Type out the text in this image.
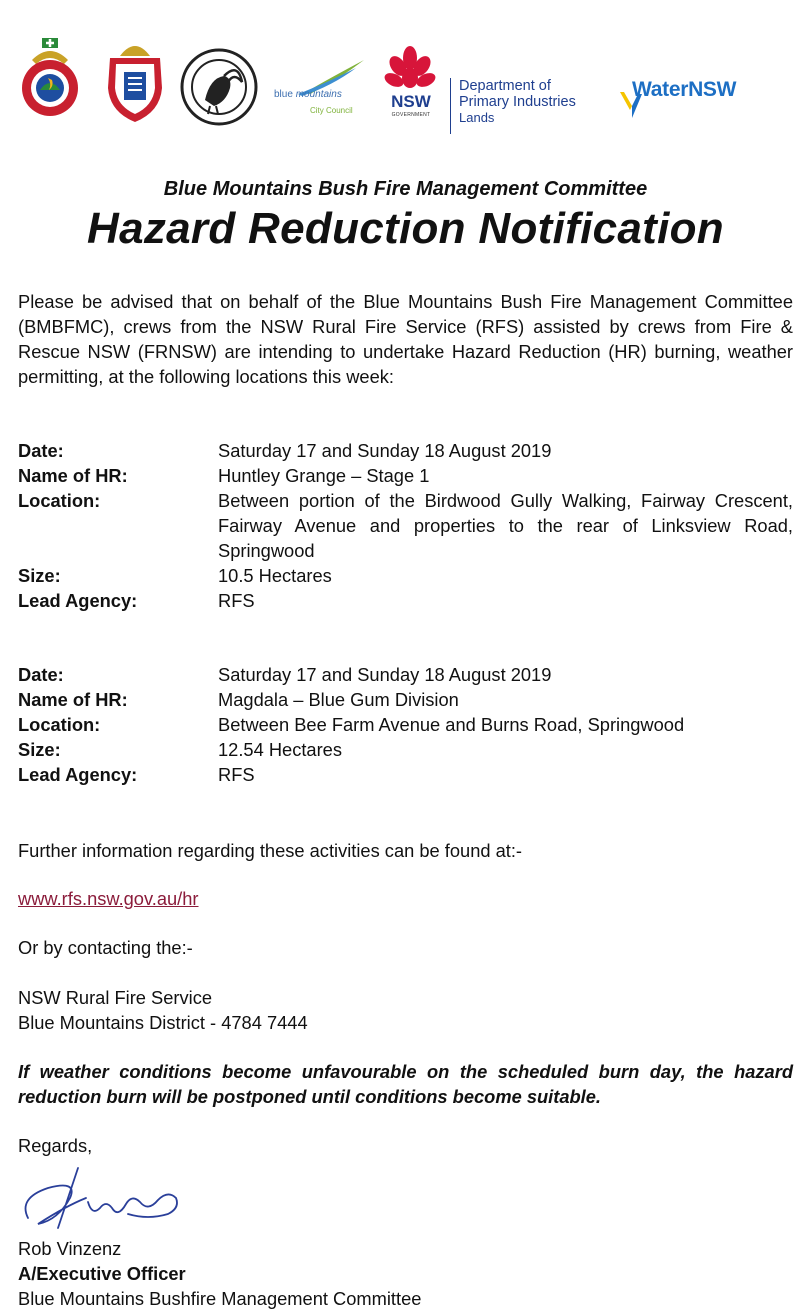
blue mountains
City Council	NSW
GOVERNMENT
Department of
Primary Industries
Lands
WaterNSW
Blue Mountains Bush Fire Management Committee
Hazard Reduction Notification
Please be advised that on behalf of the Blue Mountains Bush Fire Management Committee (BMBFMC), crews from the NSW Rural Fire Service (RFS) assisted by crews from Fire & Rescue NSW (FRNSW) are intending to undertake Hazard Reduction (HR) burning, weather permitting, at the following locations this week:
Date:	Saturday 17 and Sunday 18 August 2019
Name of HR:	Huntley Grange – Stage 1
Location:	Between portion of the Birdwood Gully Walking, Fairway Crescent, Fairway Avenue and properties to the rear of Linksview Road, Springwood
Size:	10.5 Hectares
Lead Agency:	RFS
Date:	Saturday 17 and Sunday 18 August 2019
Name of HR:	Magdala – Blue Gum Division
Location:	Between Bee Farm Avenue and Burns Road, Springwood
Size:	12.54 Hectares
Lead Agency:	RFS
Further information regarding these activities can be found at:-
www.rfs.nsw.gov.au/hr
Or by contacting the:-
NSW Rural Fire Service
Blue Mountains District - 4784 7444
If weather conditions become unfavourable on the scheduled burn day, the hazard reduction burn will be postponed until conditions become suitable.
Regards,
Rob Vinzenz
A/Executive Officer
Blue Mountains Bushfire Management Committee
